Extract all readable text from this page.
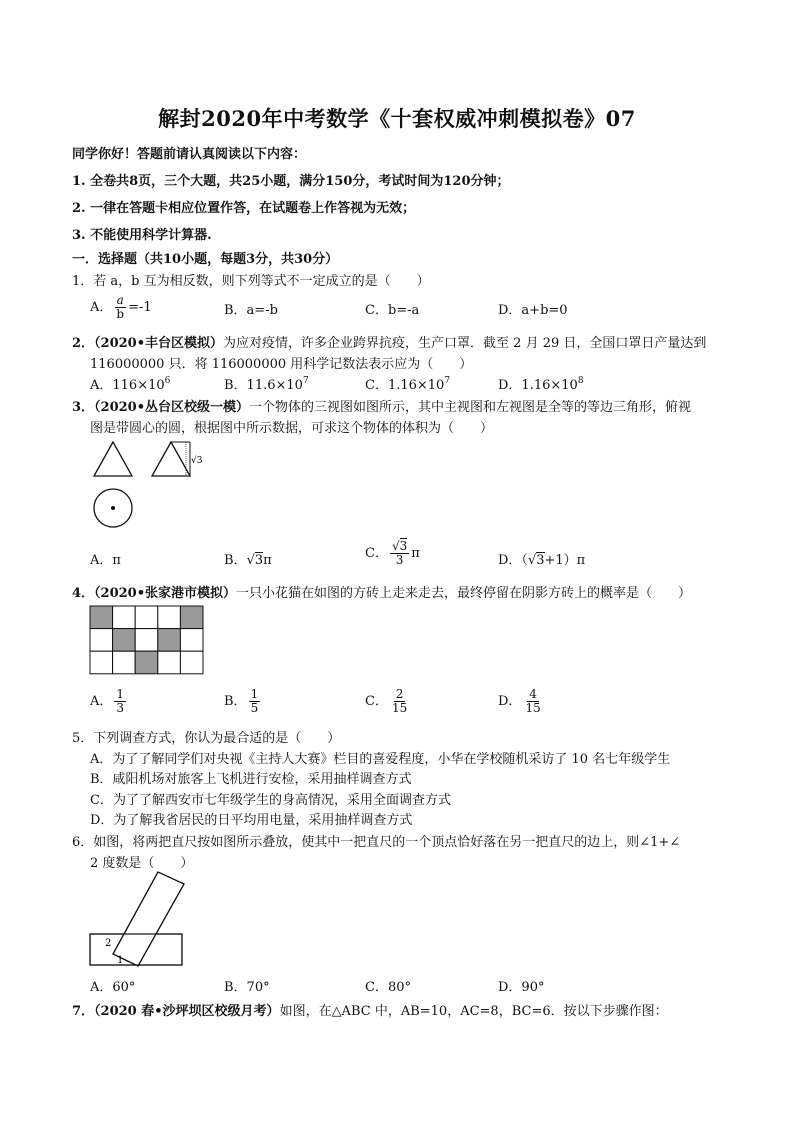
解封2020年中考数学《十套权威冲刺模拟卷》07
同学你好！答题前请认真阅读以下内容：
1. 全卷共8页，三个大题，共25小题，满分150分，考试时间为120分钟；
2. 一律在答题卡相应位置作答，在试题卷上作答视为无效；
3. 不能使用科学计算器.
一．选择题（共10小题，每题3分，共30分）
1．若 a，b 互为相反数，则下列等式不一定成立的是（　　）
A． $\frac{a}{b} =-1$	B．a=-b	C．b=-a	D．a+b=0
2．（2020•丰台区模拟）为应对疫情，许多企业跨界抗疫，生产口罩．截至 2 月 29 日，全国口罩日产量达到
116000000 只．将 116000000 用科学记数法表示应为（　　）
A．$116\times 10^6$	B．$11.6\times 10^7$	C．$1.16\times 10^7$	D．$1.16\times 10^8$
3．（2020•丛台区校级一模）一个物体的三视图如图所示，其中主视图和左视图是全等的等边三角形，俯视
图是带圆心的圆，根据图中所示数据，可求这个物体的体积为（　　）
√3
A．π	B．√3π	C． $\frac{√3}{3}$ π	D．（√3+1）π
4．（2020•张家港市模拟）一只小花猫在如图的方砖上走来走去，最终停留在阴影方砖上的概率是（　　）
A． $\frac{1}{3}$	B． $\frac{1}{5}$	C． $\frac{2}{15}$	D． $\frac{4}{15}$
5．下列调查方式，你认为最合适的是（　　）
A．为了了解同学们对央视《主持人大赛》栏目的喜爱程度，小华在学校随机采访了 10 名七年级学生
B．咸阳机场对旅客上飞机进行安检，采用抽样调查方式
C．为了了解西安市七年级学生的身高情况，采用全面调查方式
D．为了解我省居民的日平均用电量，采用抽样调查方式
6．如图，将两把直尺按如图所示叠放，使其中一把直尺的一个顶点恰好落在另一把直尺的边上，则∠1+∠
2 度数是（　　）
2
1
A．60°	B．70°	C．80°	D．90°
7．（2020 春•沙坪坝区校级月考）如图，在△ABC 中，AB=10，AC=8，BC=6．按以下步骤作图：
